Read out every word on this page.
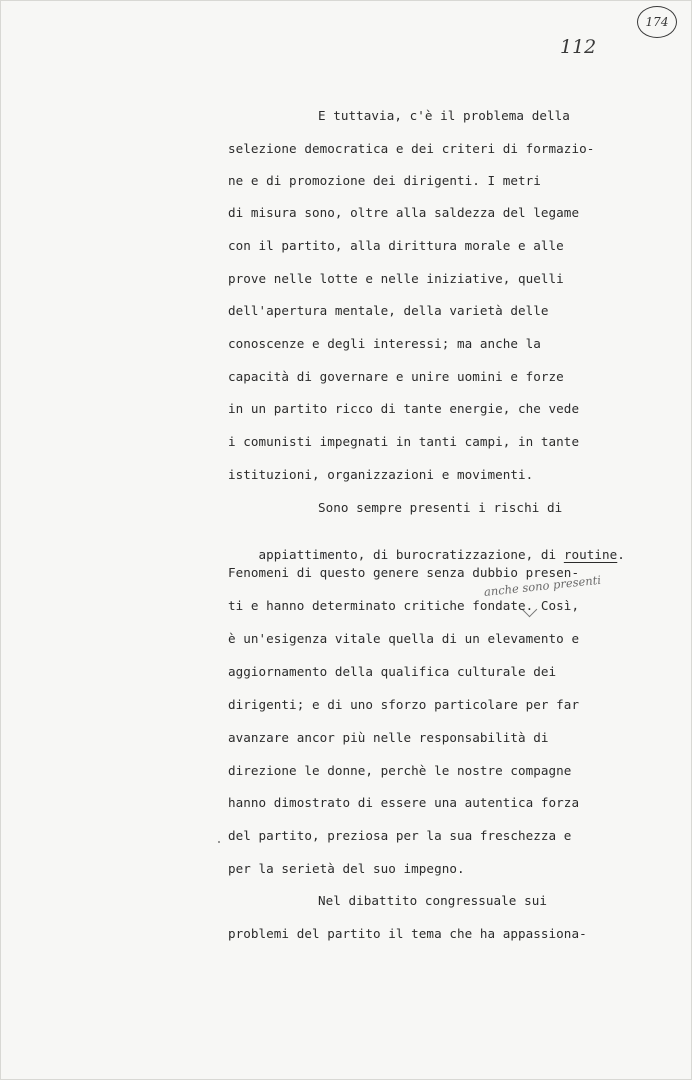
174
112
E tuttavia, c'è il problema della
selezione democratica e dei criteri di formazio-
ne e di promozione dei dirigenti. I metri
di misura sono, oltre alla saldezza del legame
con il partito, alla dirittura morale e alle
prove nelle lotte e nelle iniziative, quelli
dell'apertura mentale, della varietà delle
conoscenze e degli interessi; ma anche la
capacità di governare e unire uomini e forze
in un partito ricco di tante energie, che vede
i comunisti impegnati in tanti campi, in tante
istituzioni, organizzazioni e movimenti.
Sono sempre presenti i rischi di

appiattimento, di burocratizzazione, di routine.

Fenomeni di questo genere senza dubbio presen-
anche sono presenti
ti e hanno determinato critiche fondate. Così,
è un'esigenza vitale quella di un elevamento e
aggiornamento della qualifica culturale dei
dirigenti; e di uno sforzo particolare per far
avanzare ancor più nelle responsabilità di
direzione le donne, perchè le nostre compagne
hanno dimostrato di essere una autentica forza
del partito, preziosa per la sua freschezza e
per la serietà del suo impegno.
Nel dibattito congressuale sui
problemi del partito il tema che ha appassiona-
